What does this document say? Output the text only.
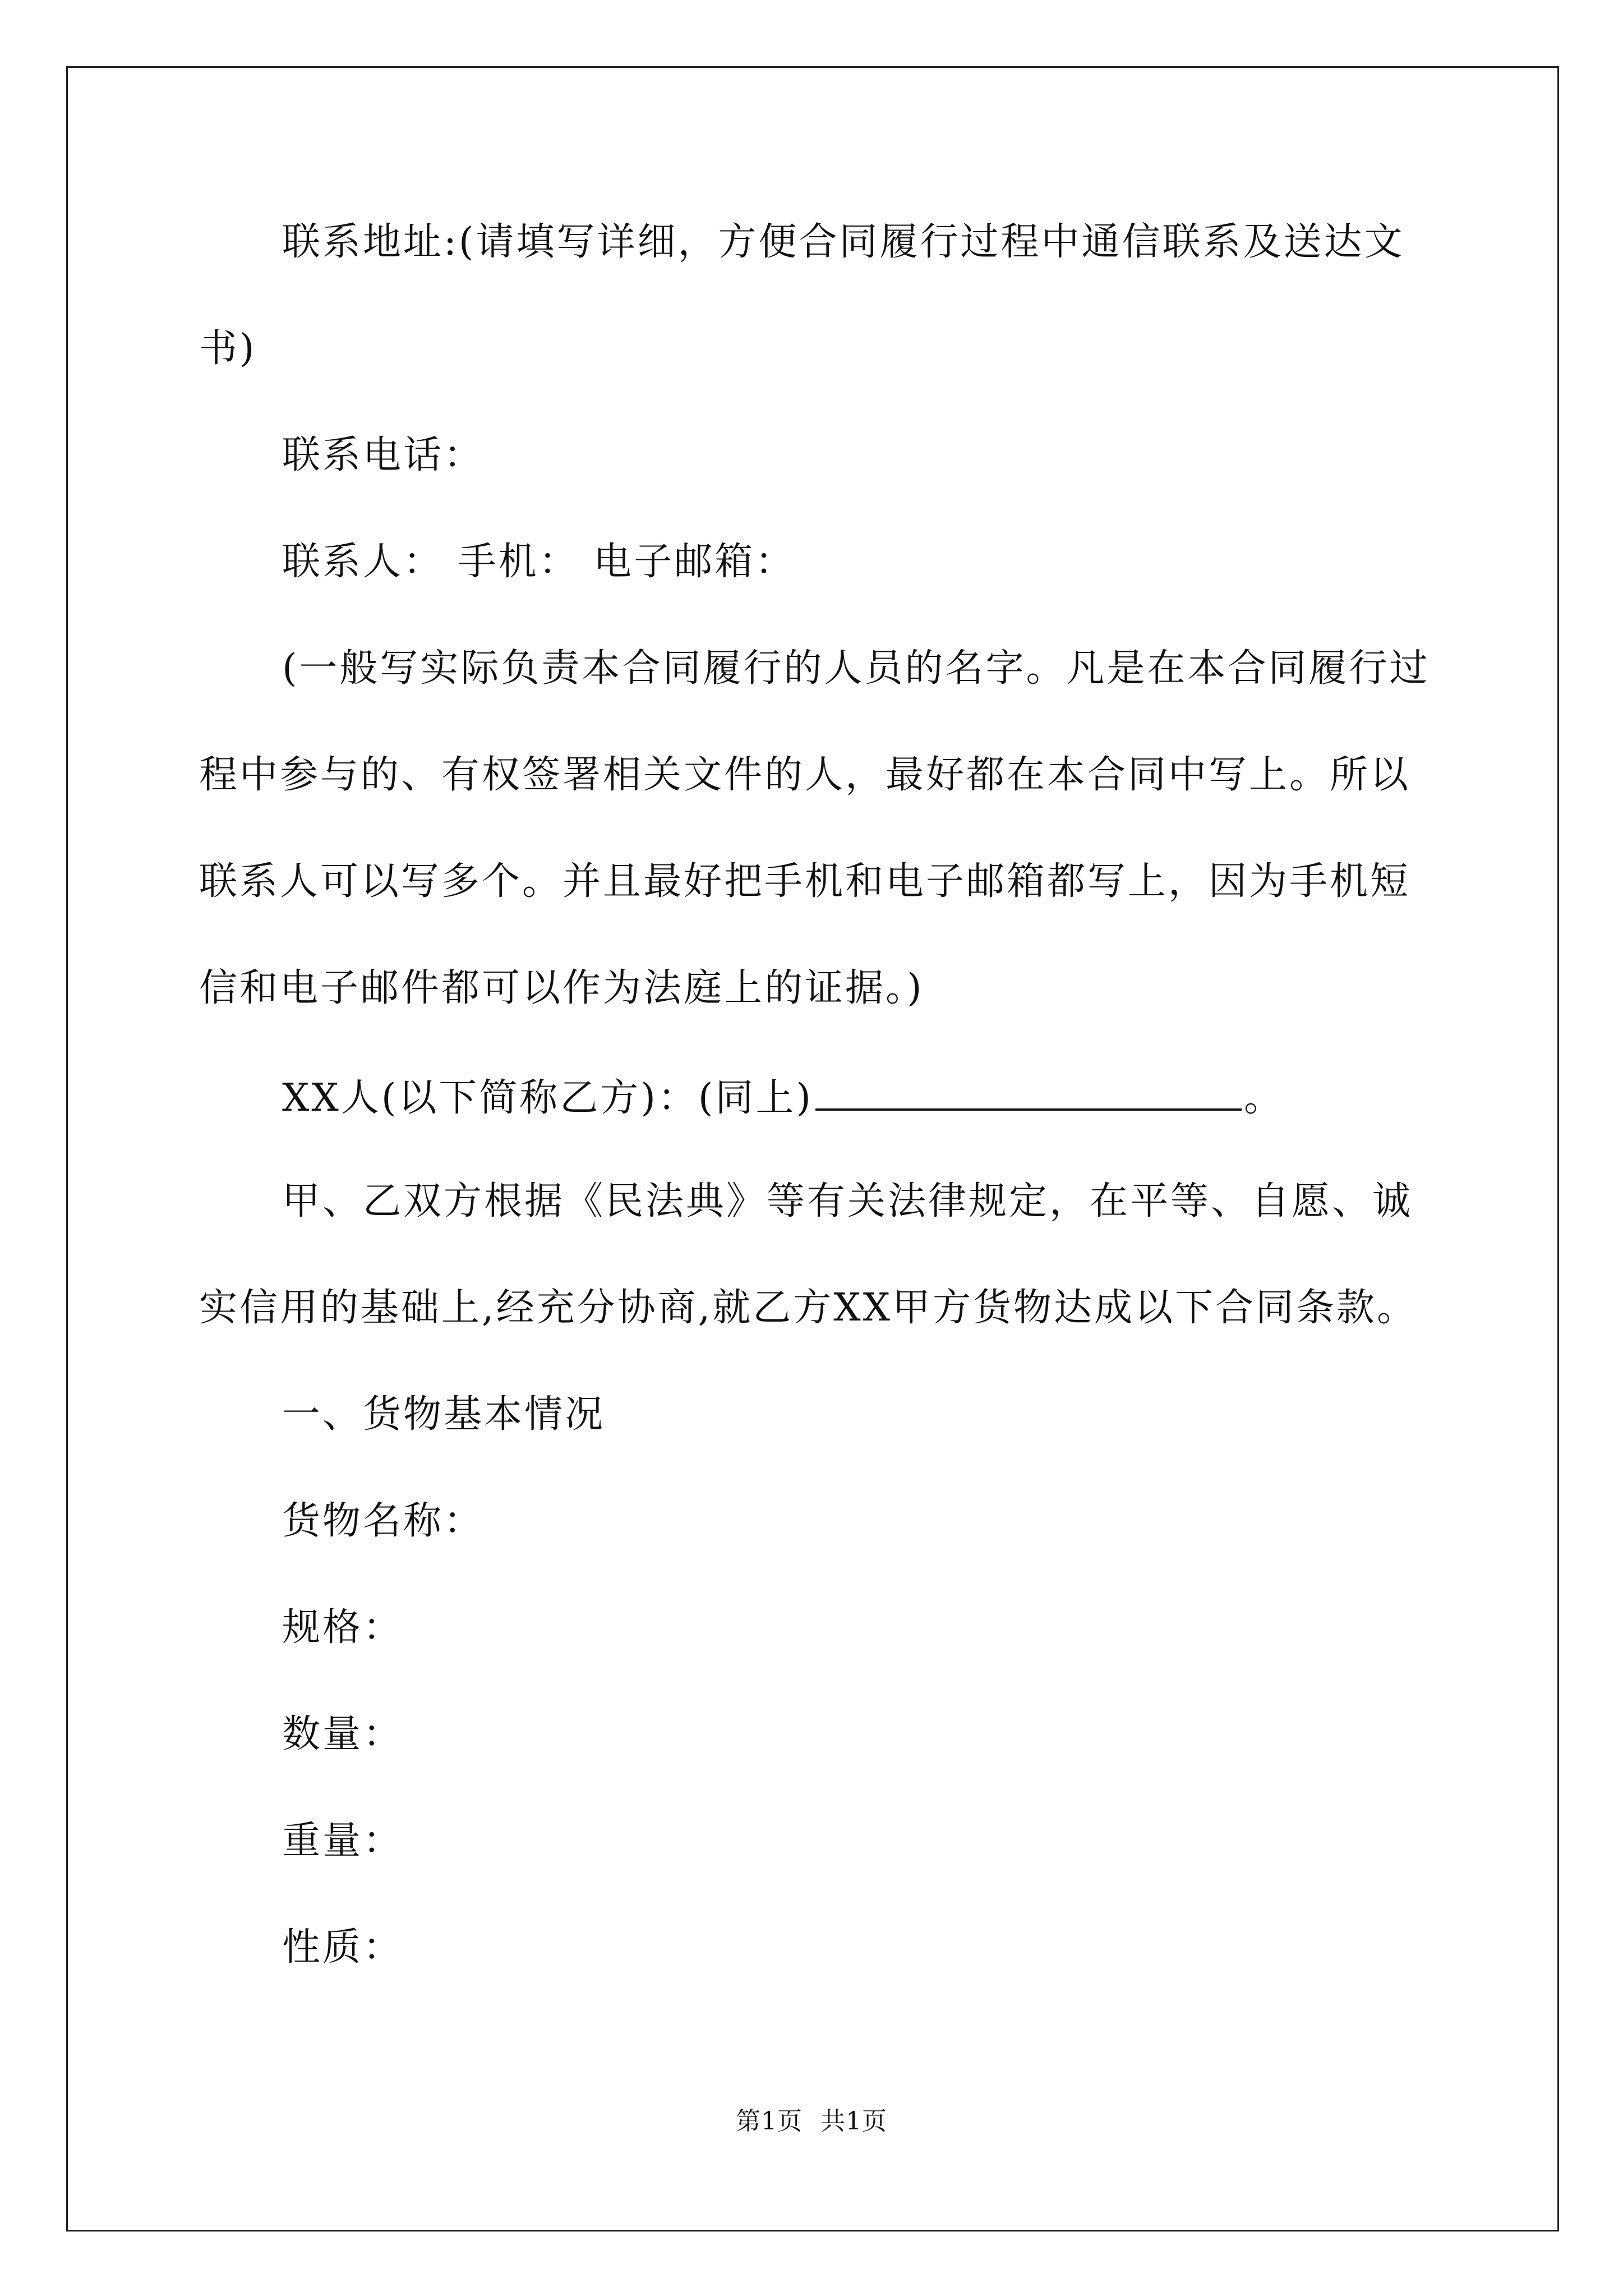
联系地址:(请填写详细，方便合同履行过程中通信联系及送达文
书)
联系电话：
联系人： 手机： 电子邮箱：
(一般写实际负责本合同履行的人员的名字。凡是在本合同履行过
程中参与的、有权签署相关文件的人，最好都在本合同中写上。所以
联系人可以写多个。并且最好把手机和电子邮箱都写上，因为手机短
信和电子邮件都可以作为法庭上的证据。)
XX人(以下简称乙方)：(同上)	。
甲、乙双方根据《民法典》等有关法律规定，在平等、自愿、诚
实信用的基础上,经充分协商,就乙方XX甲方货物达成以下合同条款。
一、货物基本情况
货物名称：
规格：
数量：
重量：
性质：
第1页 共1页
